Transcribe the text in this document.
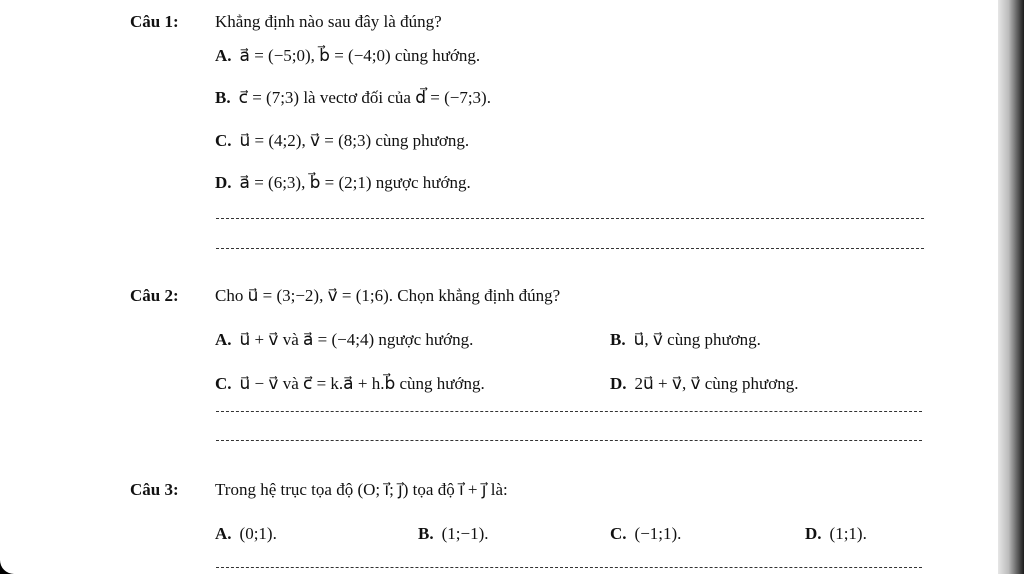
Câu 1: Khẳng định nào sau đây là đúng?
A. a⃗ = (−5;0), b⃗ = (−4;0) cùng hướng.
B. c⃗ = (7;3) là vectơ đối của d⃗ = (−7;3).
C. u⃗ = (4;2), v⃗ = (8;3) cùng phương.
D. a⃗ = (6;3), b⃗ = (2;1) ngược hướng.
Câu 2: Cho u⃗ = (3;−2), v⃗ = (1;6). Chọn khẳng định đúng?
A. u⃗ + v⃗ và a⃗ = (−4;4) ngược hướng.	B. u⃗, v⃗ cùng phương.
C. u⃗ − v⃗ và c⃗ = k.a⃗ + h.b⃗ cùng hướng.	D. 2u⃗ + v⃗, v⃗ cùng phương.
Câu 3: Trong hệ trục tọa độ (O; i⃗; j⃗) tọa độ i⃗ + j⃗ là:
A. (0;1).	B. (1;−1).	C. (−1;1).	D. (1;1).
